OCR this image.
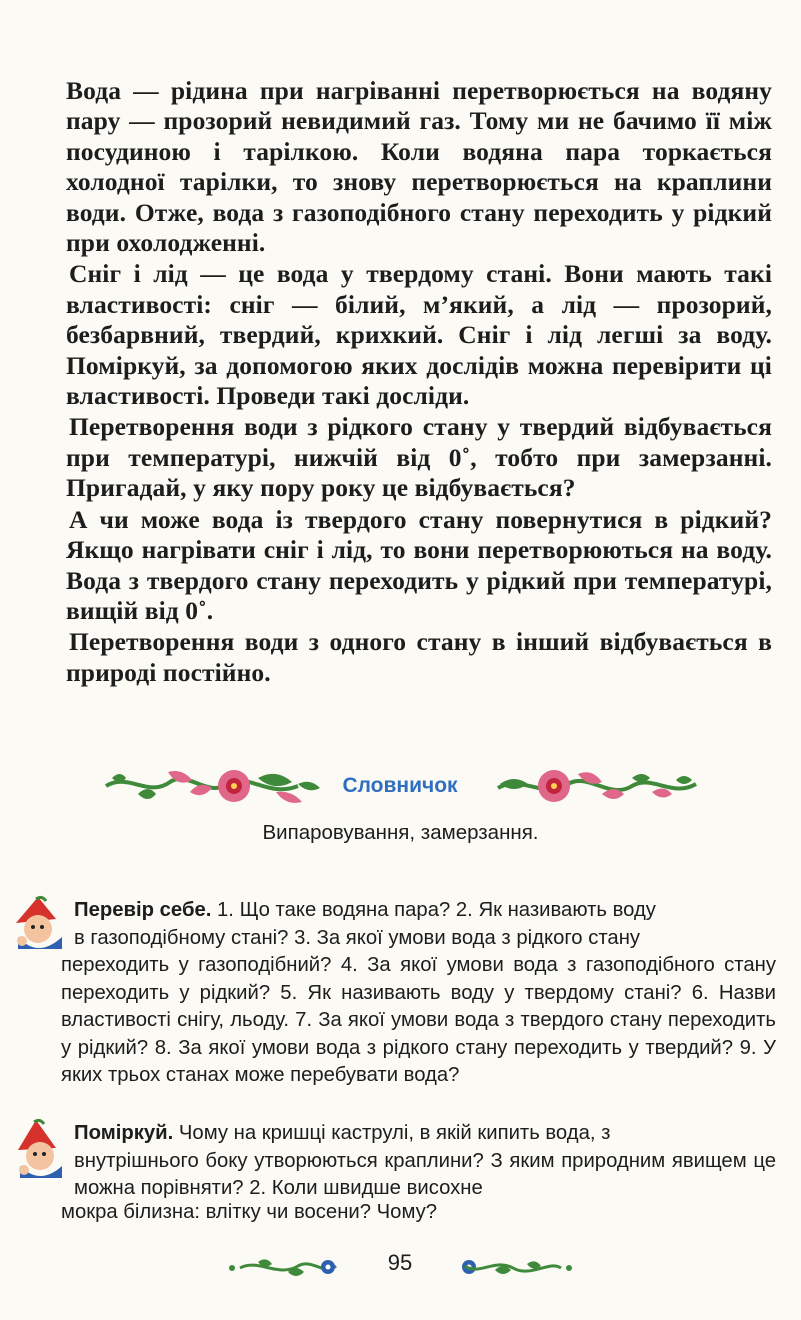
Вода — рідина при нагріванні перетворюється на водяну пару — прозорий невидимий газ. Тому ми не бачимо її між посудиною і тарілкою. Коли водяна пара торкається холодної тарілки, то знову перетворюється на краплини води. Отже, вода з газоподібного стану переходить у рідкий при охолодженні.

Сніг і лід — це вода у твердому стані. Вони мають такі властивості: сніг — білий, м’який, а лід — прозорий, безбарвний, твердий, крихкий. Сніг і лід легші за воду. Поміркуй, за допомогою яких дослідів можна перевірити ці властивості. Проведи такі досліди.

Перетворення води з рідкого стану у твердий відбувається при температурі, нижчій від 0˚, тобто при замерзанні. Пригадай, у яку пору року це відбувається?

А чи може вода із твердого стану повернутися в рідкий? Якщо нагрівати сніг і лід, то вони перетворюються на воду. Вода з твердого стану переходить у рідкий при температурі, вищій від 0˚.

Перетворення води з одного стану в інший відбувається в природі постійно.

Словничок
Випаровування, замерзання.
Перевір себе. 1. Що таке водяна пара? 2. Як називають воду
в газоподібному стані? 3. За якої умови вода з рідкого стану
переходить у газоподібний? 4. За якої умови вода з газоподібного стану переходить у рідкий? 5. Як називають воду у твердому стані? 6. Назви властивості снігу, льоду. 7. За якої умови вода з твердого стану переходить у рідкий? 8. За якої умови вода з рідкого стану переходить у твердий? 9. У яких трьох станах може перебувати вода?
Поміркуй. Чому на кришці каструлі, в якій кипить вода, з
внутрішнього боку утворюються краплини? З яким природним явищем це можна порівняти? 2. Коли швидше висохне
мокра білизна: влітку чи восени? Чому?
95
